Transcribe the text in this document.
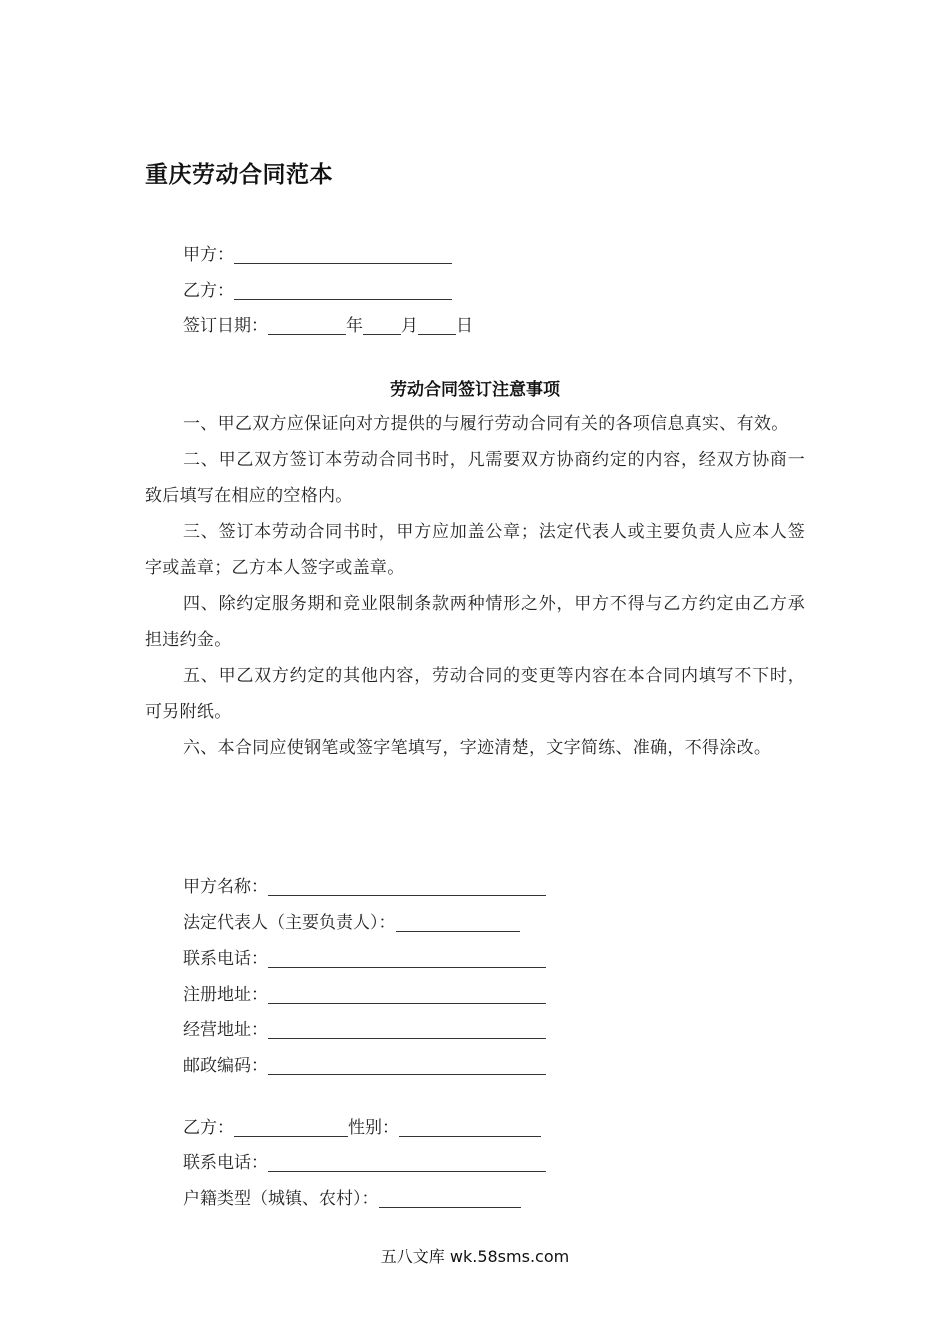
重庆劳动合同范本
甲方：
乙方：
签订日期：	年 月 日
劳动合同签订注意事项

一、甲乙双方应保证向对方提供的与履行劳动合同有关的各项信息真实、有效。

二、甲乙双方签订本劳动合同书时，凡需要双方协商约定的内容，经双方协商一致后填写在相应的空格内。

三、签订本劳动合同书时，甲方应加盖公章；法定代表人或主要负责人应本人签字或盖章；乙方本人签字或盖章。

四、除约定服务期和竞业限制条款两种情形之外，甲方不得与乙方约定由乙方承担违约金。

五、甲乙双方约定的其他内容，劳动合同的变更等内容在本合同内填写不下时，可另附纸。

六、本合同应使钢笔或签字笔填写，字迹清楚，文字简练、准确，不得涂改。

甲方名称：
法定代表人（主要负责人）：
联系电话：
注册地址：
经营地址：
邮政编码：
乙方：	性别：
联系电话：
户籍类型（城镇、农村）：
五八文库 wk.58sms.com
